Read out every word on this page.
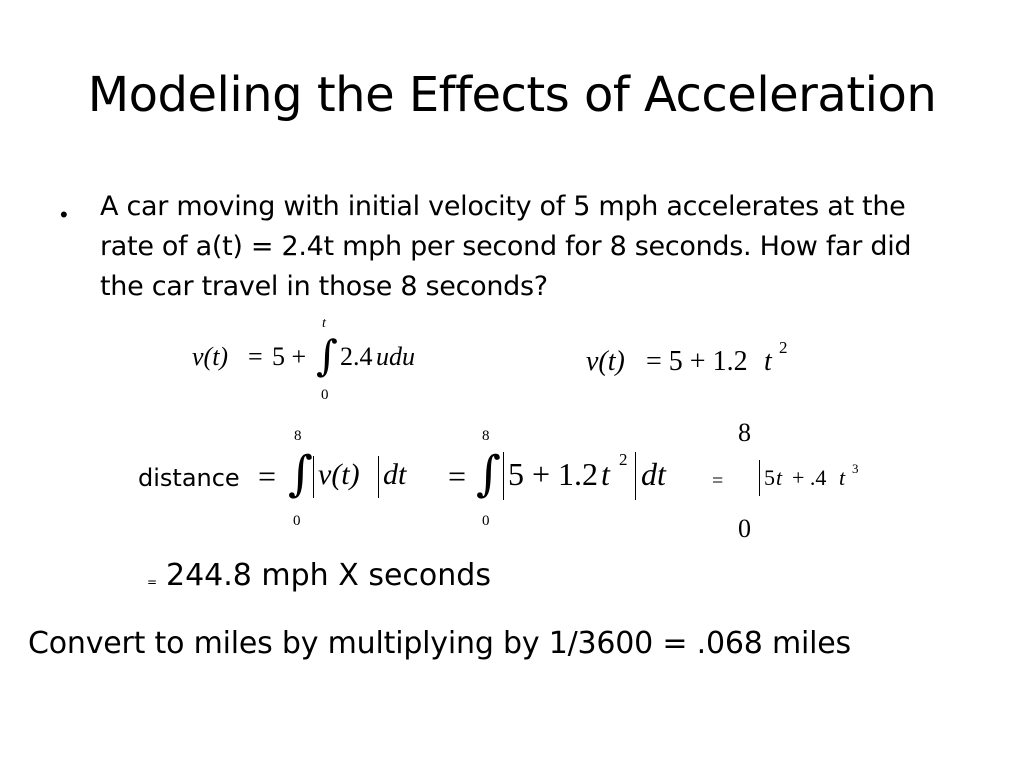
Modeling the Effects of Acceleration
• A car moving with initial velocity of 5 mph accelerates at the rate of a(t) = 2.4t mph per second for 8 seconds. How far did the car travel in those 8 seconds?
v(t) = 5 + ∫
t
0
2.4 udu	v(t) = 5 + 1.2 t 2
distance = ∫
8
0
v(t) dt = ∫
8
0
5 + 1.2 t 2 dt =
8
0
5 t + .4 t 3
= 244.8 mph X seconds
Convert to miles by multiplying by 1/3600 = .068 miles
